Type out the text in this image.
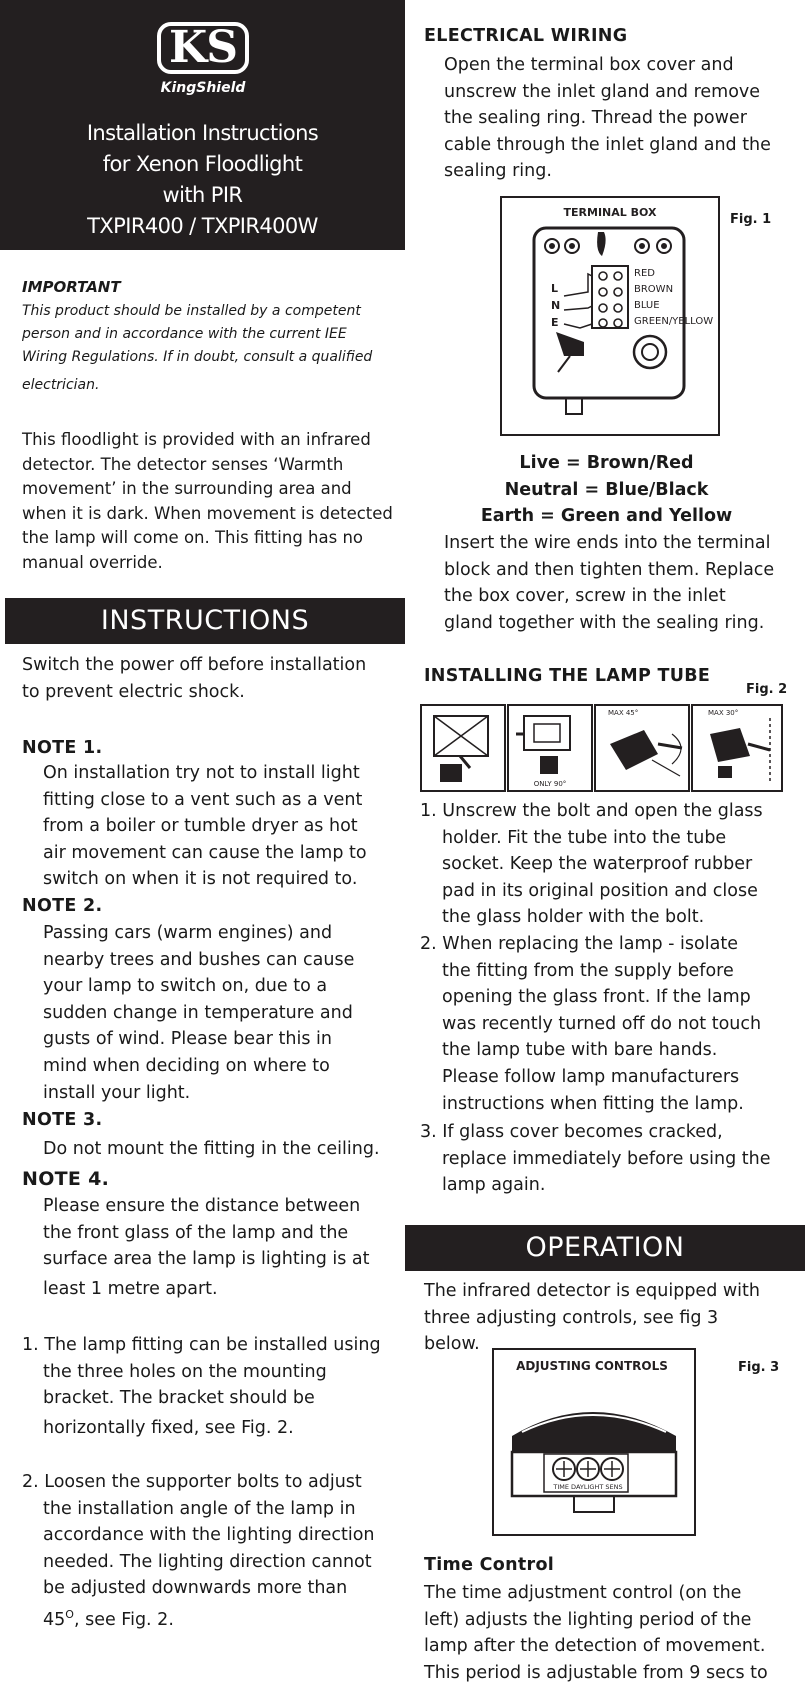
KS
KingShield
Installation Instructions
for Xenon Floodlight
with PIR
TXPIR400 / TXPIR400W
IMPORTANT
This product should be installed by a competent
person and in accordance with the current IEE
Wiring Regulations. If in doubt, consult a qualified
electrician.
This floodlight is provided with an infrared
detector. The detector senses ‘Warmth
movement’ in the surrounding area and
when it is dark. When movement is detected
the lamp will come on. This fitting has no
manual override.
INSTRUCTIONS
Switch the power off before installation
to prevent electric shock.
NOTE 1.
On installation try not to install light
fitting close to a vent such as a vent
from a boiler or tumble dryer as hot
air movement can cause the lamp to
switch on when it is not required to.
NOTE 2.
Passing cars (warm engines) and
nearby trees and bushes can cause
your lamp to switch on, due to a
sudden change in temperature and
gusts of wind. Please bear this in
mind when deciding on where to
install your light.
NOTE 3.
Do not mount the fitting in the ceiling.
NOTE 4.
Please ensure the distance between
the front glass of the lamp and the
surface area the lamp is lighting is at
least 1 metre apart.
1. The lamp fitting can be installed using
the three holes on the mounting
bracket. The bracket should be
horizontally fixed, see Fig. 2.
2. Loosen the supporter bolts to adjust
the installation angle of the lamp in
accordance with the lighting direction
needed. The lighting direction cannot
be adjusted downwards more than
$45^O$, see Fig. 2.
ELECTRICAL WIRING
Open the terminal box cover and
unscrew the inlet gland and remove
the sealing ring. Thread the power
cable through the inlet gland and the
sealing ring.
Fig. 1
TERMINAL BOX
L
N
E
RED
BROWN
BLUE
GREEN/YELLOW
Live = Brown/Red
Neutral = Blue/Black
Earth = Green and Yellow
Insert the wire ends into the terminal
block and then tighten them. Replace
the box cover, screw in the inlet
gland together with the sealing ring.
INSTALLING THE LAMP TUBE
Fig. 2
ONLY 90°
MAX 45°	MAX 30°
1. Unscrew the bolt and open the glass
holder. Fit the tube into the tube
socket. Keep the waterproof rubber
pad in its original position and close
the glass holder with the bolt.
2. When replacing the lamp - isolate
the fitting from the supply before
opening the glass front. If the lamp
was recently turned off do not touch
the lamp tube with bare hands.
Please follow lamp manufacturers
instructions when fitting the lamp.
3. If glass cover becomes cracked,
replace immediately before using the
lamp again.
OPERATION
The infrared detector is equipped with
three adjusting controls, see fig 3
below.
Fig. 3
ADJUSTING CONTROLS
TIME DAYLIGHT SENS
Time Control
The time adjustment control (on the
left) adjusts the lighting period of the
lamp after the detection of movement.
This period is adjustable from 9 secs to
